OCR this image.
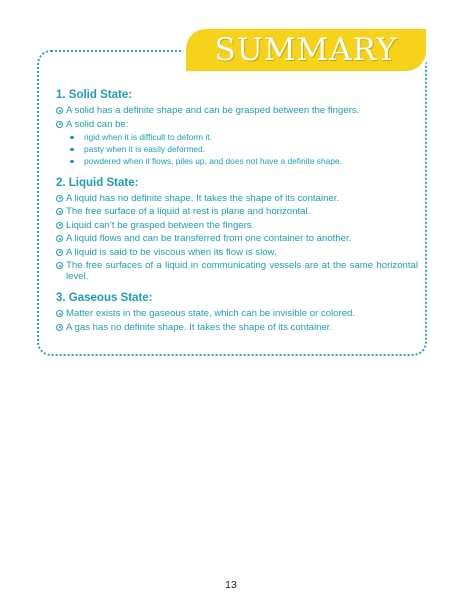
SUMMARY
1. Solid State:
A solid has a definite shape and can be grasped between the fingers.
A solid can be:
rigid when it is difficult to deform it.
pasty when it is easily deformed.
powdered when it flows, piles up, and does not have a definite shape.
2. Liquid State:
A liquid has no definite shape. It takes the shape of its container.
The free surface of a liquid at rest is plane and horizontal.
Liquid can’t be grasped between the fingers.
A liquid flows and can be transferred from one container to another.
A liquid is said to be viscous when its flow is slow.
The free surfaces of a liquid in communicating vessels are at the same horizontal level.
3. Gaseous State:
Matter exists in the gaseous state, which can be invisible or colored.
A gas has no definite shape. It takes the shape of its container.
13
